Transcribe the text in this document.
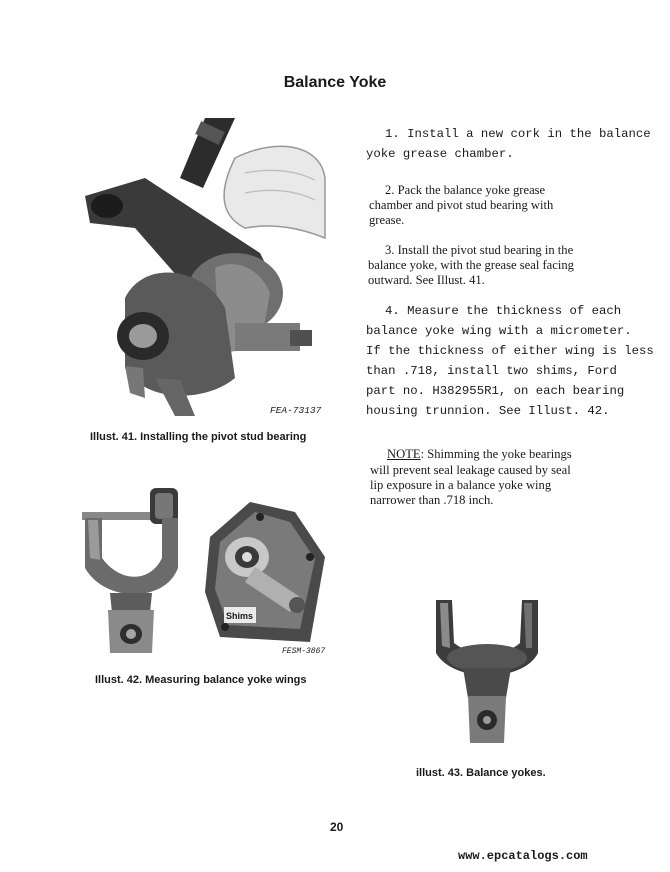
Balance Yoke
FEA-73137
Illust. 41. Installing the pivot stud bearing
Shims
FESM-3867
Illust. 42. Measuring balance yoke wings
illust. 43. Balance yokes.
1. Install a new cork in the balance
yoke grease chamber.
2. Pack the balance yoke grease
chamber and pivot stud bearing with
grease.
3. Install the pivot stud bearing in the
balance yoke, with the grease seal facing
outward. See Illust. 41.
4. Measure the thickness of each
balance yoke wing with a micrometer.
If the thickness of either wing is less
than .718, install two shims, Ford
part no. H382955R1, on each bearing
housing trunnion. See Illust. 42.
NOTE: Shimming the yoke bearings
will prevent seal leakage caused by seal
lip exposure in a balance yoke wing
narrower than .718 inch.
20
www.epcatalogs.com
